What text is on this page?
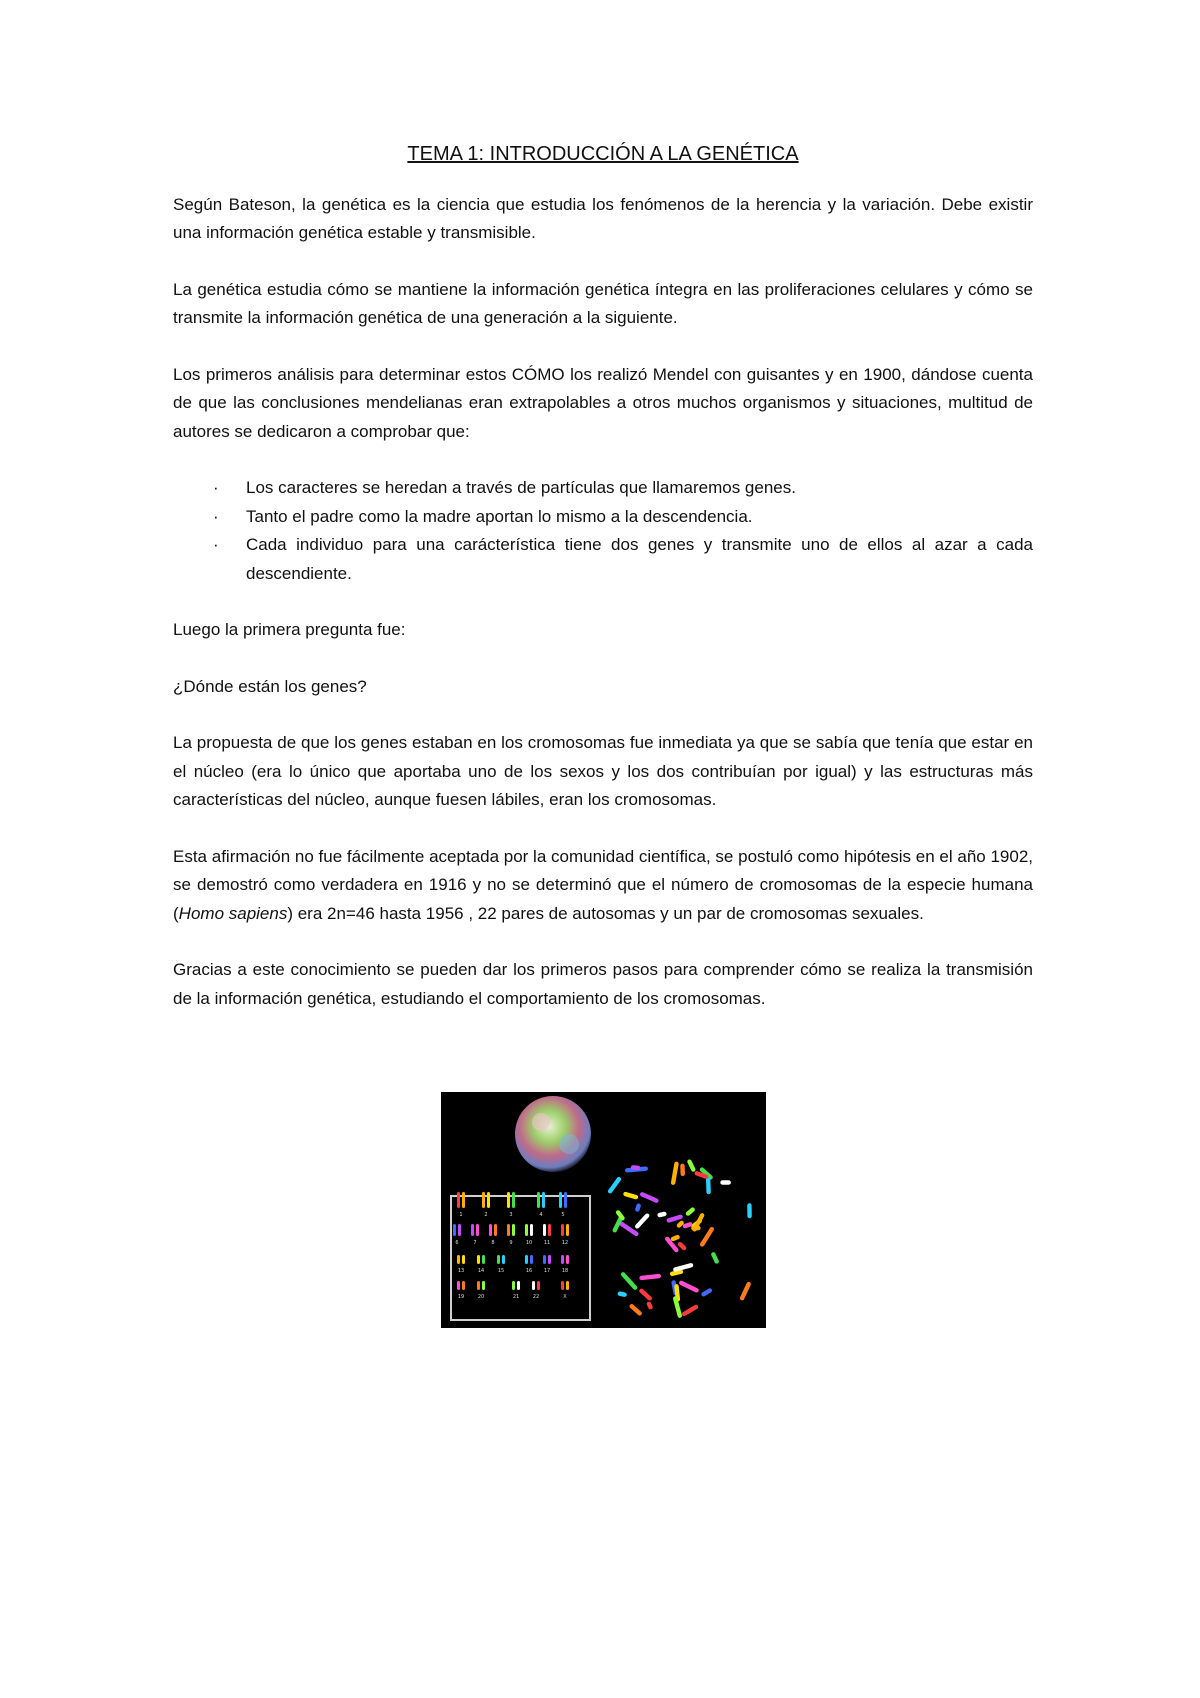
TEMA 1: INTRODUCCIÓN A LA GENÉTICA

Según Bateson, la genética es la ciencia que estudia los fenómenos de la herencia y la variación. Debe existir una información genética estable y transmisible.

La genética estudia cómo se mantiene la información genética íntegra en las proliferaciones celulares y cómo se transmite la información genética de una generación a la siguiente.

Los primeros análisis para determinar estos CÓMO los realizó Mendel con guisantes y en 1900, dándose cuenta de que las conclusiones mendelianas eran extrapolables a otros muchos organismos y situaciones, multitud de autores se dedicaron a comprobar que:

· Los caracteres se heredan a través de partículas que llamaremos genes.
· Tanto el padre como la madre aportan lo mismo a la descendencia.
· Cada individuo para una carácterística tiene dos genes y transmite uno de ellos al azar a cada descendiente.

Luego la primera pregunta fue:

¿Dónde están los genes?

La propuesta de que los genes estaban en los cromosomas fue inmediata ya que se sabía que tenía que estar en el núcleo (era lo único que aportaba uno de los sexos y los dos contribuían por igual) y las estructuras más características del núcleo, aunque fuesen lábiles, eran los cromosomas.

Esta afirmación no fue fácilmente aceptada por la comunidad científica, se postuló como hipótesis en el año 1902, se demostró como verdadera en 1916 y no se determinó que el número de cromosomas de la especie humana (Homo sapiens) era 2n=46 hasta 1956 , 22 pares de autosomas y un par de cromosomas sexuales.

Gracias a este conocimiento se pueden dar los primeros pasos para comprender cómo se realiza la transmisión de la información genética, estudiando el comportamiento de los cromosomas.

1	2	3	4	5
6	7	8	9	10 11 12
13	14	15	16 17 18
19	20	21	22	X
